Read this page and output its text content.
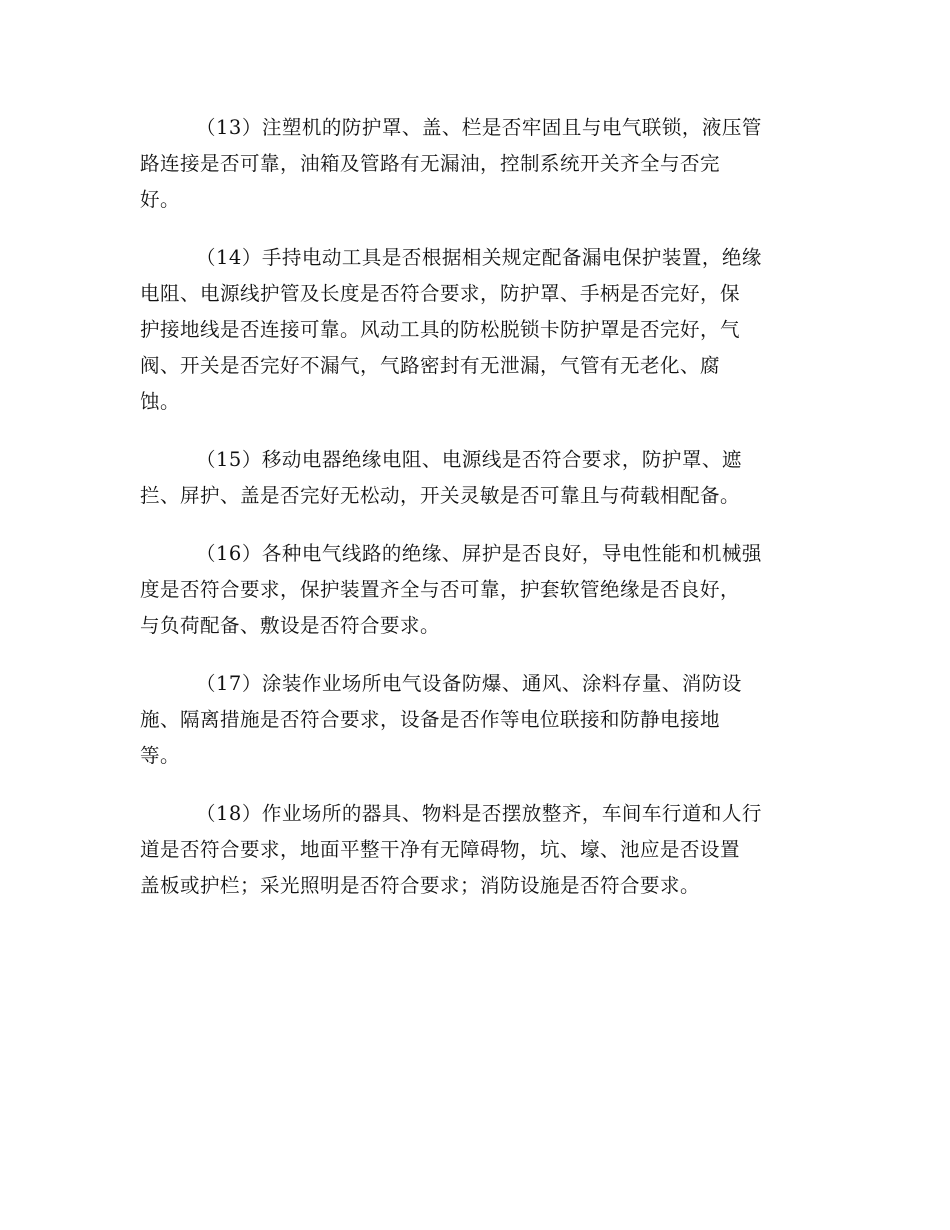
（13）注塑机的防护罩、盖、栏是否牢固且与电气联锁，液压管
路连接是否可靠，油箱及管路有无漏油，控制系统开关齐全与否完
好。

（14）手持电动工具是否根据相关规定配备漏电保护装置，绝缘
电阻、电源线护管及长度是否符合要求，防护罩、手柄是否完好，保
护接地线是否连接可靠。风动工具的防松脱锁卡防护罩是否完好，气
阀、开关是否完好不漏气，气路密封有无泄漏，气管有无老化、腐
蚀。

（15）移动电器绝缘电阻、电源线是否符合要求，防护罩、遮
拦、屏护、盖是否完好无松动，开关灵敏是否可靠且与荷载相配备。

（16）各种电气线路的绝缘、屏护是否良好，导电性能和机械强
度是否符合要求，保护装置齐全与否可靠，护套软管绝缘是否良好，
与负荷配备、敷设是否符合要求。

（17）涂装作业场所电气设备防爆、通风、涂料存量、消防设
施、隔离措施是否符合要求，设备是否作等电位联接和防静电接地
等。

（18）作业场所的器具、物料是否摆放整齐，车间车行道和人行
道是否符合要求，地面平整干净有无障碍物，坑、壕、池应是否设置
盖板或护栏；采光照明是否符合要求；消防设施是否符合要求。
